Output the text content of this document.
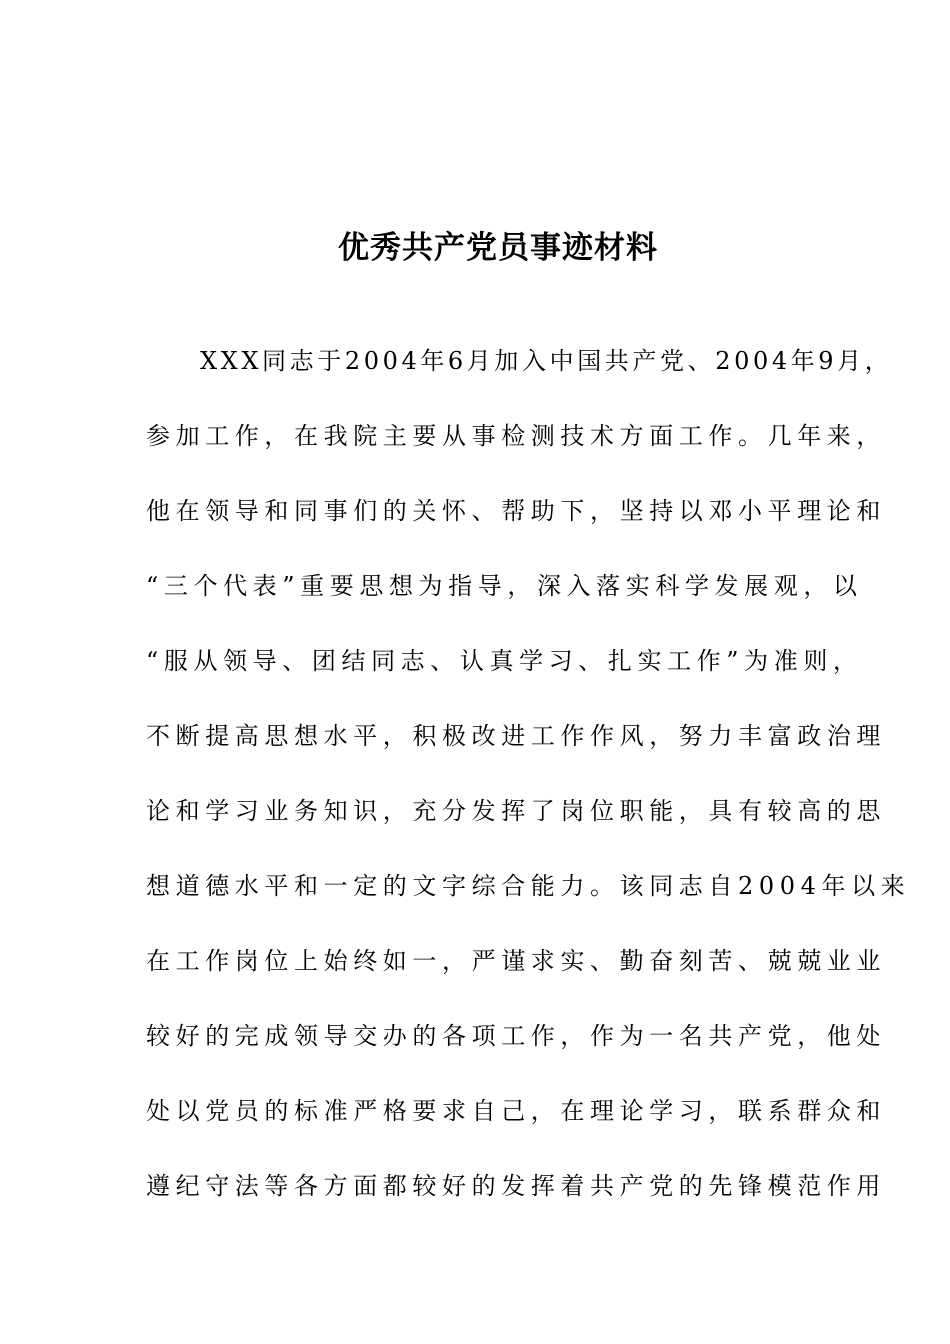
优秀共产党员事迹材料
XXX同志于2004年6月加入中国共产党、2004年9月，
参加工作，在我院主要从事检测技术方面工作。几年来，
他在领导和同事们的关怀、帮助下，坚持以邓小平理论和
“三个代表”重要思想为指导，深入落实科学发展观，以
“服从领导、团结同志、认真学习、扎实工作”为准则，
不断提高思想水平，积极改进工作作风，努力丰富政治理
论和学习业务知识，充分发挥了岗位职能，具有较高的思
想道德水平和一定的文字综合能力。该同志自2004年以来
在工作岗位上始终如一，严谨求实、勤奋刻苦、兢兢业业
较好的完成领导交办的各项工作，作为一名共产党，他处
处以党员的标准严格要求自己，在理论学习，联系群众和
遵纪守法等各方面都较好的发挥着共产党的先锋模范作用
